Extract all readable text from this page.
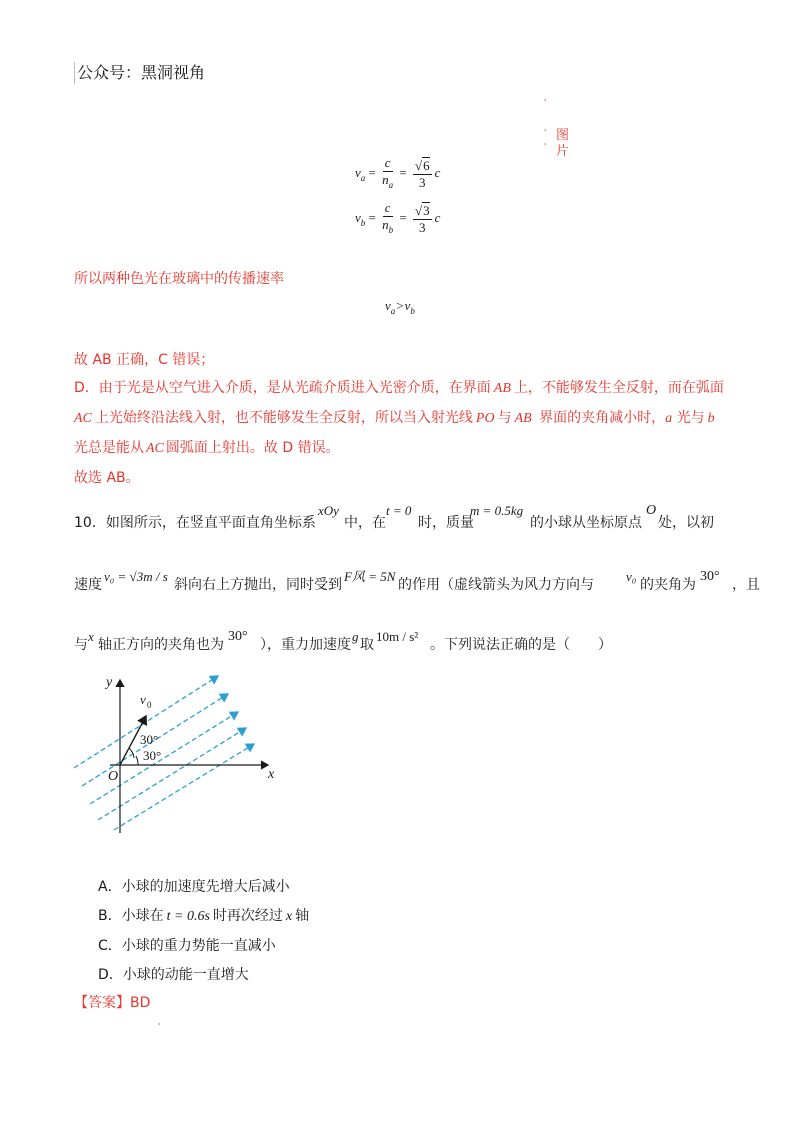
公众号：黑洞视角
图
片
'
'
'
$v_a = \frac{c}{n_a} = \frac{√6}{3}$ c
$v_b = \frac{c}{n_b} = \frac{√3}{3}$ c
所以两种色光在玻璃中的传播速率
$v_a>v_b$
故 AB 正确，C 错误；
D．由于光是从空气进入介质，是从光疏介质进入光密介质，在界面 AB 上，不能够发生全反射，而在弧面
AC 上光始终沿法线入射，也不能够发生全反射，所以当入射光线 PO 与 AB 界面的夹角减小时，a 光与 b
光总是能从 AC 圆弧面上射出。故 D 错误。
故选 AB。
10．如图所示，在竖直平面直角坐标系
xOy
中，在
t = 0
时，质量
m = 0.5kg
的小球从坐标原点
O
处，以初
速度
v₀ = √3m / s
斜向右上方抛出，同时受到
F风 = 5N
的作用（虚线箭头为风力方向与
v₀
的夹角为
30°
，且
与
x
轴正方向的夹角也为
30°
），重力加速度
g
取
10m / s²
。下列说法正确的是（　　）
y
x
O
v 0
30°
30°
A．小球的加速度先增大后减小
B．小球在 t = 0.6s 时再次经过 x 轴
C．小球的重力势能一直减小
D．小球的动能一直增大
【答案】BD
'
